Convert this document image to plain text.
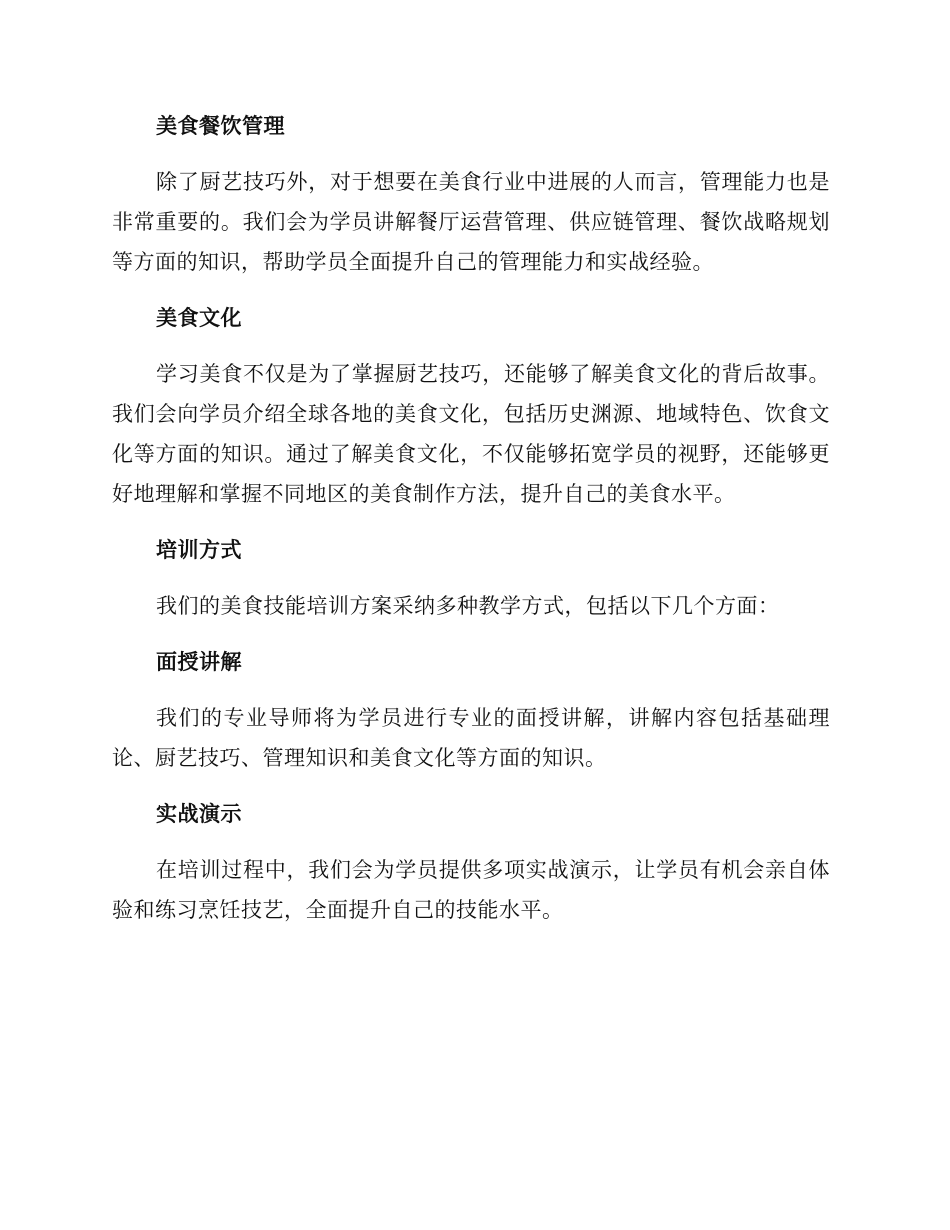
美食餐饮管理

除了厨艺技巧外，对于想要在美食行业中进展的人而言，管理能力也是非常重要的。我们会为学员讲解餐厅运营管理、供应链管理、餐饮战略规划等方面的知识，帮助学员全面提升自己的管理能力和实战经验。

美食文化

学习美食不仅是为了掌握厨艺技巧，还能够了解美食文化的背后故事。我们会向学员介绍全球各地的美食文化，包括历史渊源、地域特色、饮食文化等方面的知识。通过了解美食文化，不仅能够拓宽学员的视野，还能够更好地理解和掌握不同地区的美食制作方法，提升自己的美食水平。

培训方式

我们的美食技能培训方案采纳多种教学方式，包括以下几个方面：

面授讲解

我们的专业导师将为学员进行专业的面授讲解，讲解内容包括基础理论、厨艺技巧、管理知识和美食文化等方面的知识。

实战演示

在培训过程中，我们会为学员提供多项实战演示，让学员有机会亲自体验和练习烹饪技艺，全面提升自己的技能水平。
